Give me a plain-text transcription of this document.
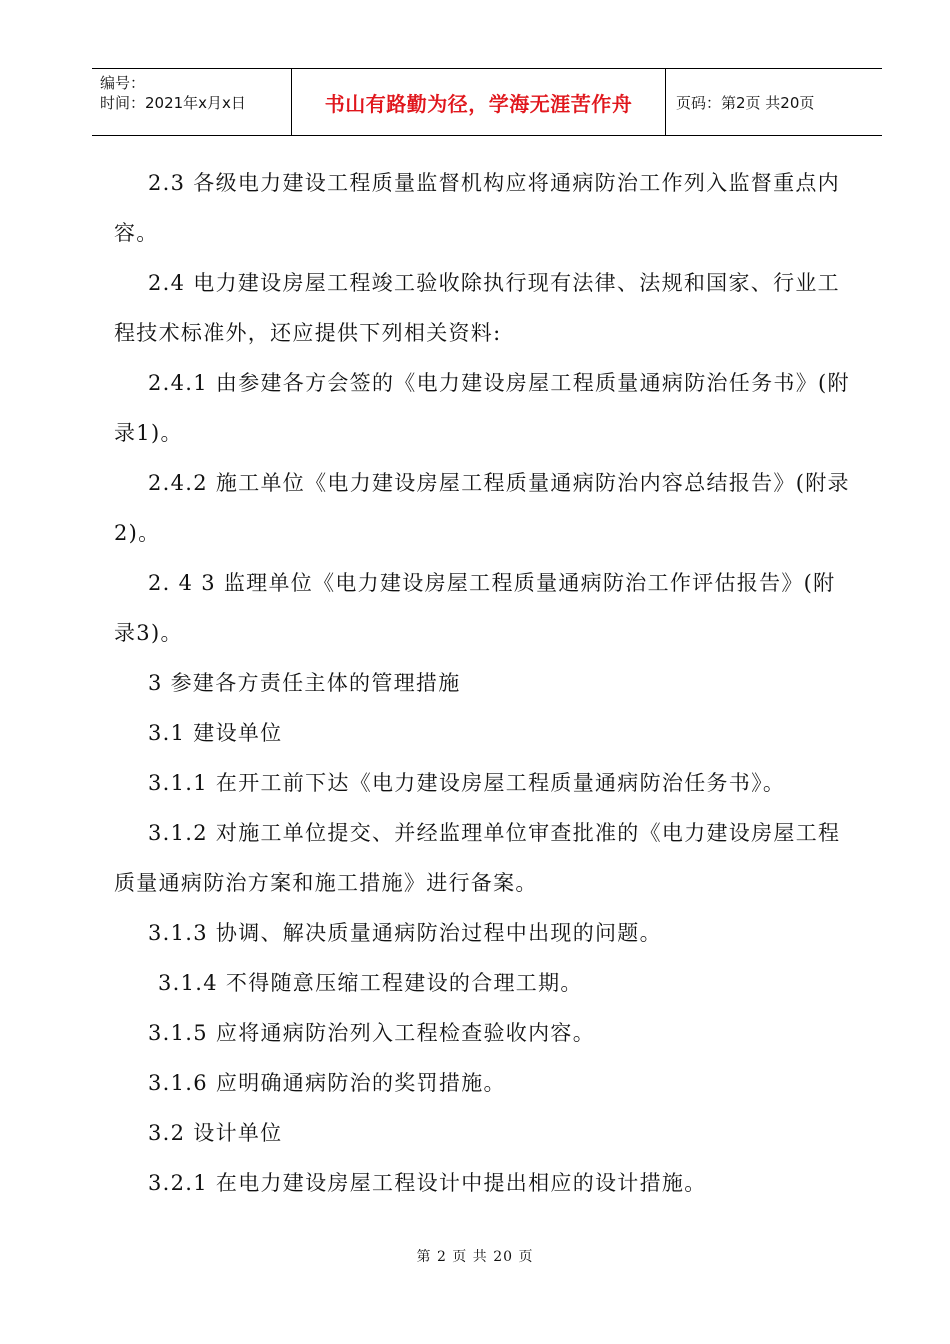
编号：
时间：2021年x月x日	书山有路勤为径，学海无涯苦作舟	页码：第2页 共20页
2.3 各级电力建设工程质量监督机构应将通病防治工作列入监督重点内
容。
2.4 电力建设房屋工程竣工验收除执行现有法律、法规和国家、行业工
程技术标准外，还应提供下列相关资料:
2.4.1 由参建各方会签的《电力建设房屋工程质量通病防治任务书》(附
录1)。
2.4.2 施工单位《电力建设房屋工程质量通病防治内容总结报告》(附录
2)。
2. 4 3 监理单位《电力建设房屋工程质量通病防治工作评估报告》(附
录3)。
3 参建各方责任主体的管理措施
3.1 建设单位
3.1.1 在开工前下达《电力建设房屋工程质量通病防治任务书》。
3.1.2 对施工单位提交、并经监理单位审查批准的《电力建设房屋工程
质量通病防治方案和施工措施》进行备案。
3.1.3 协调、解决质量通病防治过程中出现的问题。
3.1.4 不得随意压缩工程建设的合理工期。
3.1.5 应将通病防治列入工程检查验收内容。
3.1.6 应明确通病防治的奖罚措施。
3.2 设计单位
3.2.1 在电力建设房屋工程设计中提出相应的设计措施。
第 2 页 共 20 页
